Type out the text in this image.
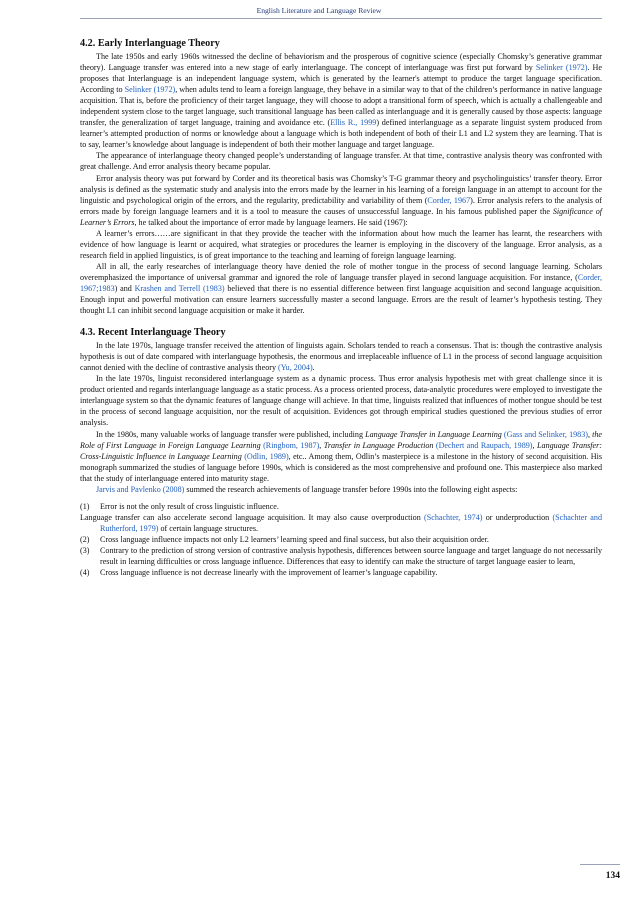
English Literature and Language Review
4.2. Early Interlanguage Theory

The late 1950s and early 1960s witnessed the decline of behaviorism and the prosperous of cognitive science (especially Chomsky’s generative grammar theory). Language transfer was entered into a new stage of early interlanguage. The concept of interlanguage was first put forward by Selinker (1972). He proposes that Interlanguage is an independent language system, which is generated by the learner's attempt to produce the target language specification. According to Selinker (1972), when adults tend to learn a foreign language, they behave in a similar way to that of the children’s performance in native language acquisition. That is, before the proficiency of their target language, they will choose to adopt a transitional form of speech, which is actually a challengeable and independent system close to the target language, such transitional language has been called as interlanguage and it is generally caused by those aspects: language transfer, the generalization of target language, training and avoidance etc. (Ellis R., 1999) defined interlanguage as a separate linguist system produced from learner’s attempted production of norms or knowledge about a language which is both independent of both of their L1 and L2 system they are learning. That is to say, learner’s knowledge about language is independent of both their mother language and target language.

The appearance of interlanguage theory changed people’s understanding of language transfer. At that time, contrastive analysis theory was confronted with great challenge. And error analysis theory became popular.

Error analysis theory was put forward by Corder and its theoretical basis was Chomsky’s T-G grammar theory and psycholinguistics’ transfer theory. Error analysis is defined as the systematic study and analysis into the errors made by the learner in his learning of a foreign language in an attempt to account for the linguistic and psychological origin of the errors, and the regularity, predictability and variability of them (Corder, 1967). Error analysis refers to the analysis of errors made by foreign language learners and it is a tool to measure the causes of unsuccessful language. In his famous published paper the Significance of Learner’s Errors, he talked about the importance of error made by language learners. He said (1967):

A learner’s errors……are significant in that they provide the teacher with the information about how much the learner has learnt, the researchers with evidence of how language is learnt or acquired, what strategies or procedures the learner is employing in the discovery of the language. Error analysis, as a research field in applied linguistics, is of great importance to the teaching and learning of foreign language learning.

All in all, the early researches of interlanguage theory have denied the role of mother tongue in the process of second language learning. Scholars overemphasized the importance of universal grammar and ignored the role of language transfer played in second language acquisition. For instance, (Corder, 1967;1983) and Krashen and Terrell (1983) believed that there is no essential difference between first language acquisition and second language acquisition. Enough input and powerful motivation can ensure learners successfully master a second language. Errors are the result of learner’s hypothesis testing. They thought L1 can inhibit second language acquisition or make it harder.

4.3. Recent Interlanguage Theory

In the late 1970s, language transfer received the attention of linguists again. Scholars tended to reach a consensus. That is: though the contrastive analysis hypothesis is out of date compared with interlanguage hypothesis, the enormous and irreplaceable influence of L1 in the process of second language acquisition cannot denied with the decline of contrastive analysis theory (Yu, 2004).

In the late 1970s, linguist reconsidered interlanguage system as a dynamic process. Thus error analysis hypothesis met with great challenge since it is product oriented and regards interlanguage language as a static process. As a process oriented process, data-analytic procedures were employed to investigate the interlanguage system so that the dynamic features of language change will achieve. In that time, linguists realized that influences of mother tongue should be test in the process of second language acquisition, nor the result of acquisition. Evidences got through empirical studies questioned the previous studies of error analysis.

In the 1980s, many valuable works of language transfer were published, including Language Transfer in Language Learning (Gass and Selinker, 1983), the Role of First Language in Foreign Language Learning (Ringbom, 1987), Transfer in Language Production (Dechert and Raupach, 1989), Language Transfer: Cross-Linguistic Influence in Language Learning (Odlin, 1989), etc.. Among them, Odlin’s masterpiece is a milestone in the history of second acquisition. His monograph summarized the studies of language before 1990s, which is considered as the most comprehensive and profound one. This masterpiece also marked that the study of interlanguage entered into maturity stage.

Jarvis and Pavlenko (2008) summed the research achievements of language transfer before 1990s into the following eight aspects:

(1)	Error is not the only result of cross linguistic influence.

Language transfer can also accelerate second language acquisition. It may also cause overproduction (Schachter, 1974) or underproduction (Schachter and Rutherford, 1979) of certain language structures.

(2)	Cross language influence impacts not only L2 learners’ learning speed and final success, but also their acquisition order.
(3)	Contrary to the prediction of strong version of contrastive analysis hypothesis, differences between source language and target language do not necessarily result in learning difficulties or cross language influence. Differences that easy to identify can make the structure of target language easier to learn,
(4)	Cross language influence is not decrease linearly with the improvement of learner’s language capability.
134
